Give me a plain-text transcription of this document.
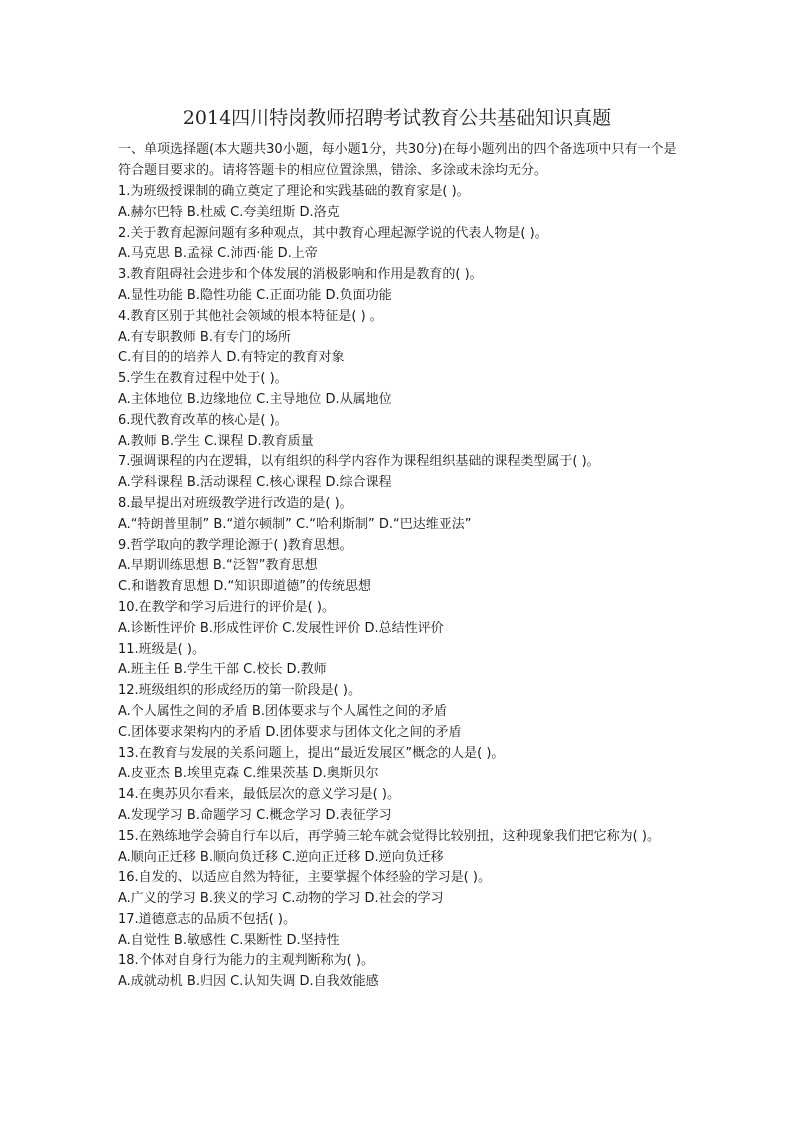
2014四川特岗教师招聘考试教育公共基础知识真题

一、单项选择题(本大题共30小题，每小题1分，共30分)在每小题列出的四个备选项中只有一个是符合题目要求的。请将答题卡的相应位置涂黑，错涂、多涂或未涂均无分。

1.为班级授课制的确立奠定了理论和实践基础的教育家是( )。
A.赫尔巴特 B.杜威 C.夸美纽斯 D.洛克
2.关于教育起源问题有多种观点，其中教育心理起源学说的代表人物是( )。
A.马克思 B.孟禄 C.沛西·能 D.上帝
3.教育阻碍社会进步和个体发展的消极影响和作用是教育的( )。
A.显性功能 B.隐性功能 C.正面功能 D.负面功能
4.教育区别于其他社会领域的根本特征是( ) 。
A.有专职教师 B.有专门的场所
C.有目的的培养人 D.有特定的教育对象
5.学生在教育过程中处于( )。
A.主体地位 B.边缘地位 C.主导地位 D.从属地位
6.现代教育改革的核心是( )。
A.教师 B.学生 C.课程 D.教育质量
7.强调课程的内在逻辑，以有组织的科学内容作为课程组织基础的课程类型属于( )。
A.学科课程 B.活动课程 C.核心课程 D.综合课程
8.最早提出对班级教学进行改造的是( )。
A.“特朗普里制” B.“道尔顿制” C.“哈利斯制” D.“巴达维亚法”
9.哲学取向的教学理论源于( )教育思想。
A.早期训练思想 B.“泛智”教育思想
C.和谐教育思想 D.“知识即道德”的传统思想
10.在教学和学习后进行的评价是( )。
A.诊断性评价 B.形成性评价 C.发展性评价 D.总结性评价
11.班级是( )。
A.班主任 B.学生干部 C.校长 D.教师
12.班级组织的形成经历的第一阶段是( )。
A.个人属性之间的矛盾 B.团体要求与个人属性之间的矛盾
C.团体要求架构内的矛盾 D.团体要求与团体文化之间的矛盾
13.在教育与发展的关系问题上，提出“最近发展区”概念的人是( )。
A.皮亚杰 B.埃里克森 C.维果茨基 D.奥斯贝尔
14.在奥苏贝尔看来，最低层次的意义学习是( )。
A.发现学习 B.命题学习 C.概念学习 D.表征学习
15.在熟练地学会骑自行车以后，再学骑三轮车就会觉得比较别扭，这种现象我们把它称为( )。
A.顺向正迁移 B.顺向负迁移 C.逆向正迁移 D.逆向负迁移
16.自发的、以适应自然为特征，主要掌握个体经验的学习是( )。
A.广义的学习 B.狭义的学习 C.动物的学习 D.社会的学习
17.道德意志的品质不包括( )。
A.自觉性 B.敏感性 C.果断性 D.坚持性
18.个体对自身行为能力的主观判断称为( )。
A.成就动机 B.归因 C.认知失调 D.自我效能感
